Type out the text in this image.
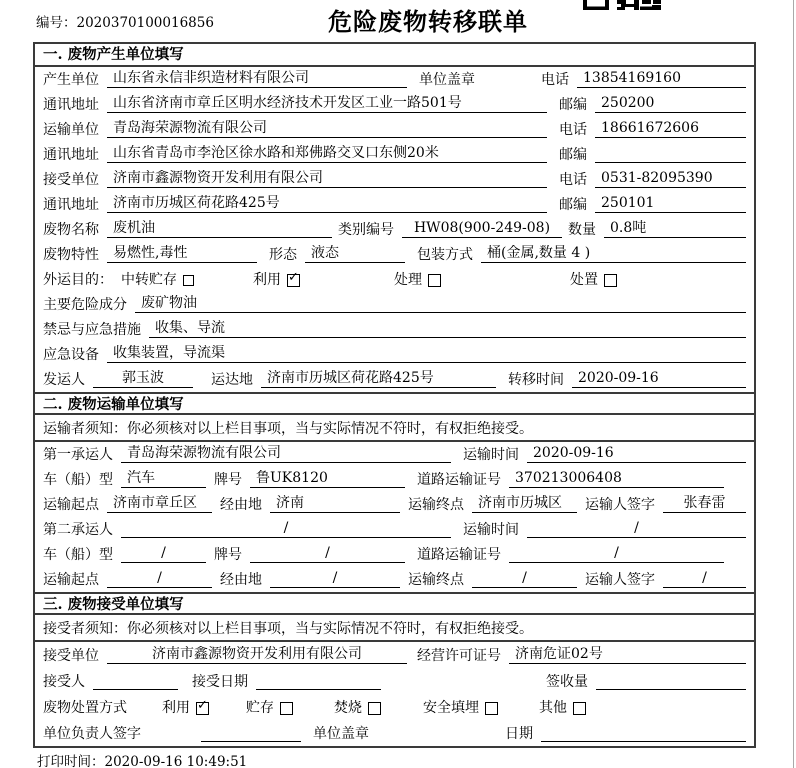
编号：2020370100016856	危险废物转移联单
一. 废物产生单位填写
产生单位	山东省永信非织造材料有限公司	单位盖章	电话	13854169160
通讯地址	山东省济南市章丘区明水经济技术开发区工业一路501号	邮编	250200
运输单位	青岛海荣源物流有限公司	电话	18661672606
通讯地址	山东省青岛市李沧区徐水路和郑佛路交叉口东侧20米	邮编
接受单位	济南市鑫源物资开发利用有限公司	电话	0531-82095390
通讯地址	济南市历城区荷花路425号	邮编	250101
废物名称	废机油	类别编号	HW08(900-249-08)	数量	0.8吨
废物特性	易燃性,毒性	形态	液态	包装方式	桶(金属,数量 4 )
外运目的： 中转贮存	利用 ✓	处理	处置
主要危险成分	废矿物油
禁忌与应急措施	收集、导流
应急设备	收集装置，导流渠
发运人	郭玉波	运达地	济南市历城区荷花路425号	转移时间	2020-09-16
二. 废物运输单位填写
运输者须知：你必须核对以上栏目事项，当与实际情况不符时，有权拒绝接受。
第一承运人	青岛海荣源物流有限公司	运输时间	2020-09-16
车（船）型	汽车	牌号	鲁UK8120	道路运输证号	370213006408
运输起点	济南市章丘区	经由地	济南	运输终点	济南市历城区	运输人签字	张春雷
第二承运人	/	运输时间	/
车（船）型	/	牌号	/	道路运输证号	/
运输起点	/	经由地	/	运输终点	/	运输人签字	/
三. 废物接受单位填写
接受者须知：你必须核对以上栏目事项，当与实际情况不符时，有权拒绝接受。
接受单位	济南市鑫源物资开发利用有限公司	经营许可证号	济南危证02号
接受人	接受日期	签收量
废物处置方式	利用 ✓	贮存	焚烧	安全填埋	其他
单位负责人签字	单位盖章	日期
打印时间：2020-09-16 10:49:51
